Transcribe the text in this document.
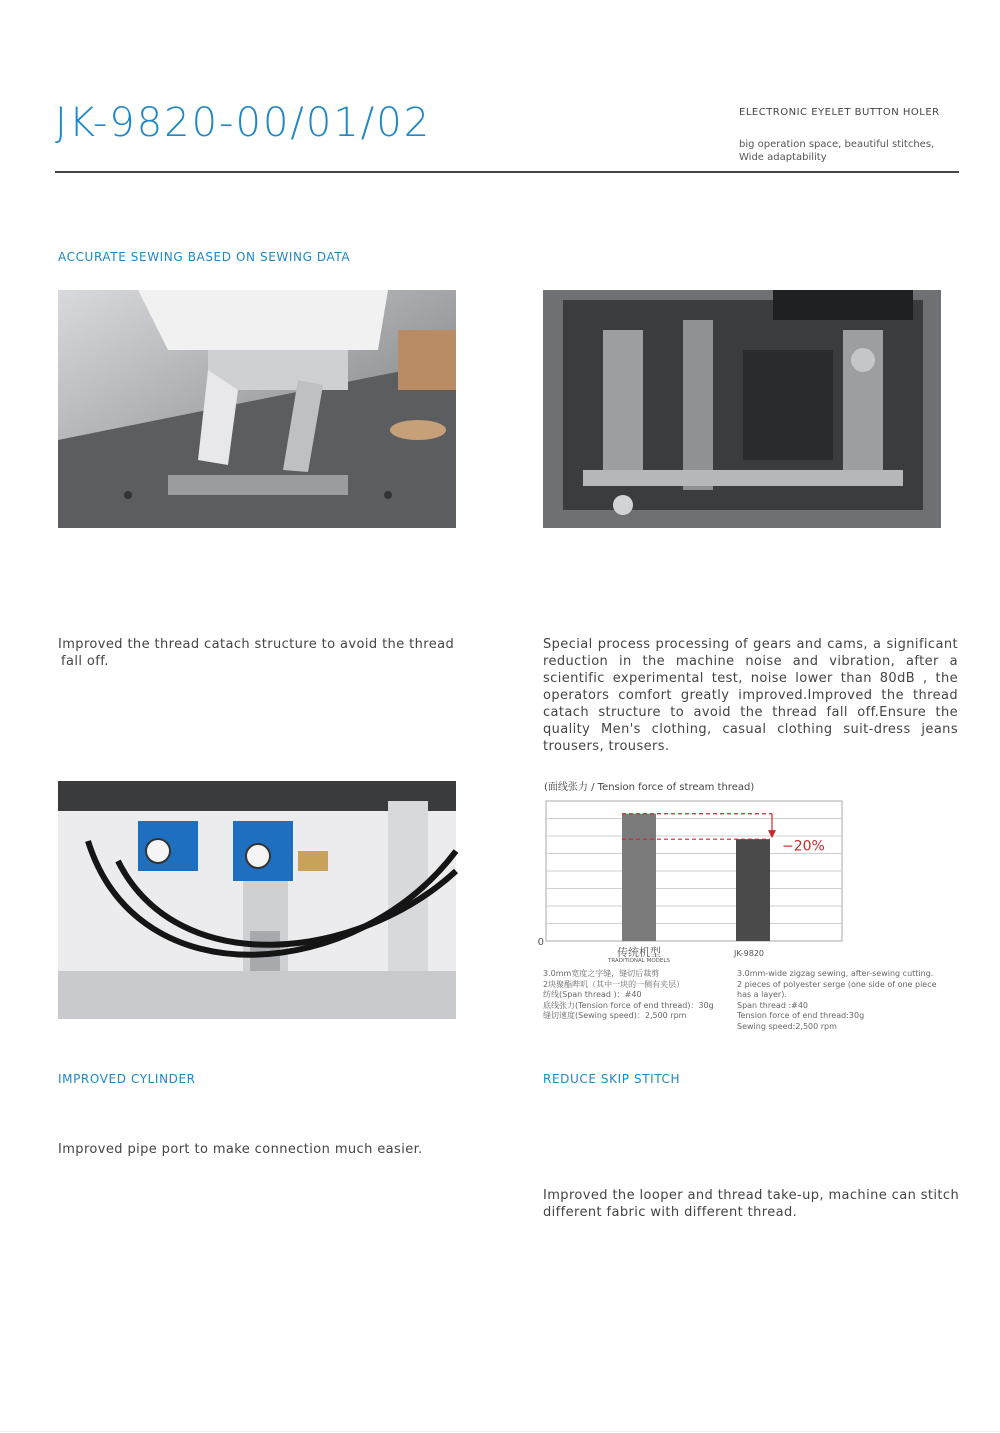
JK-9820-00/01/02	ELECTRONIC EYELET BUTTON HOLER
big operation space, beautiful stitches,
Wide adaptability
ACCURATE SEWING BASED ON SEWING DATA
Improved the thread catach structure to avoid the thread
fall off.
Special process processing of gears and cams, a significant reduction in the machine noise and vibration, after a scientific experimental test, noise lower than 80dB , the operators comfort greatly improved.Improved the thread catach structure to avoid the thread fall off.Ensure the quality Men's clothing, casual clothing suit-dress jeans trousers, trousers.
(面线张力 / Tension force of stream thread)
−20%
0
传统机型
TRADITIONAL MODELS
JK-9820
3.0mm宽度之字缝，缝切后裁剪
2块聚酯哔叽（其中一块的一侧有夹层）
纺线(Span thread )：#40
底线张力(Tension force of end thread)：30g
缝切速度(Sewing speed)：2,500 rpm
3.0mm-wide zigzag sewing, after-sewing cutting.
2 pieces of polyester serge (one side of one piece
has a layer).
Span thread :#40
Tension force of end thread:30g
Sewing speed:2,500 rpm
IMPROVED CYLINDER	REDUCE SKIP STITCH
Improved pipe port to make connection much easier.
Improved the looper and thread take-up, machine can stitch
different fabric with different thread.
